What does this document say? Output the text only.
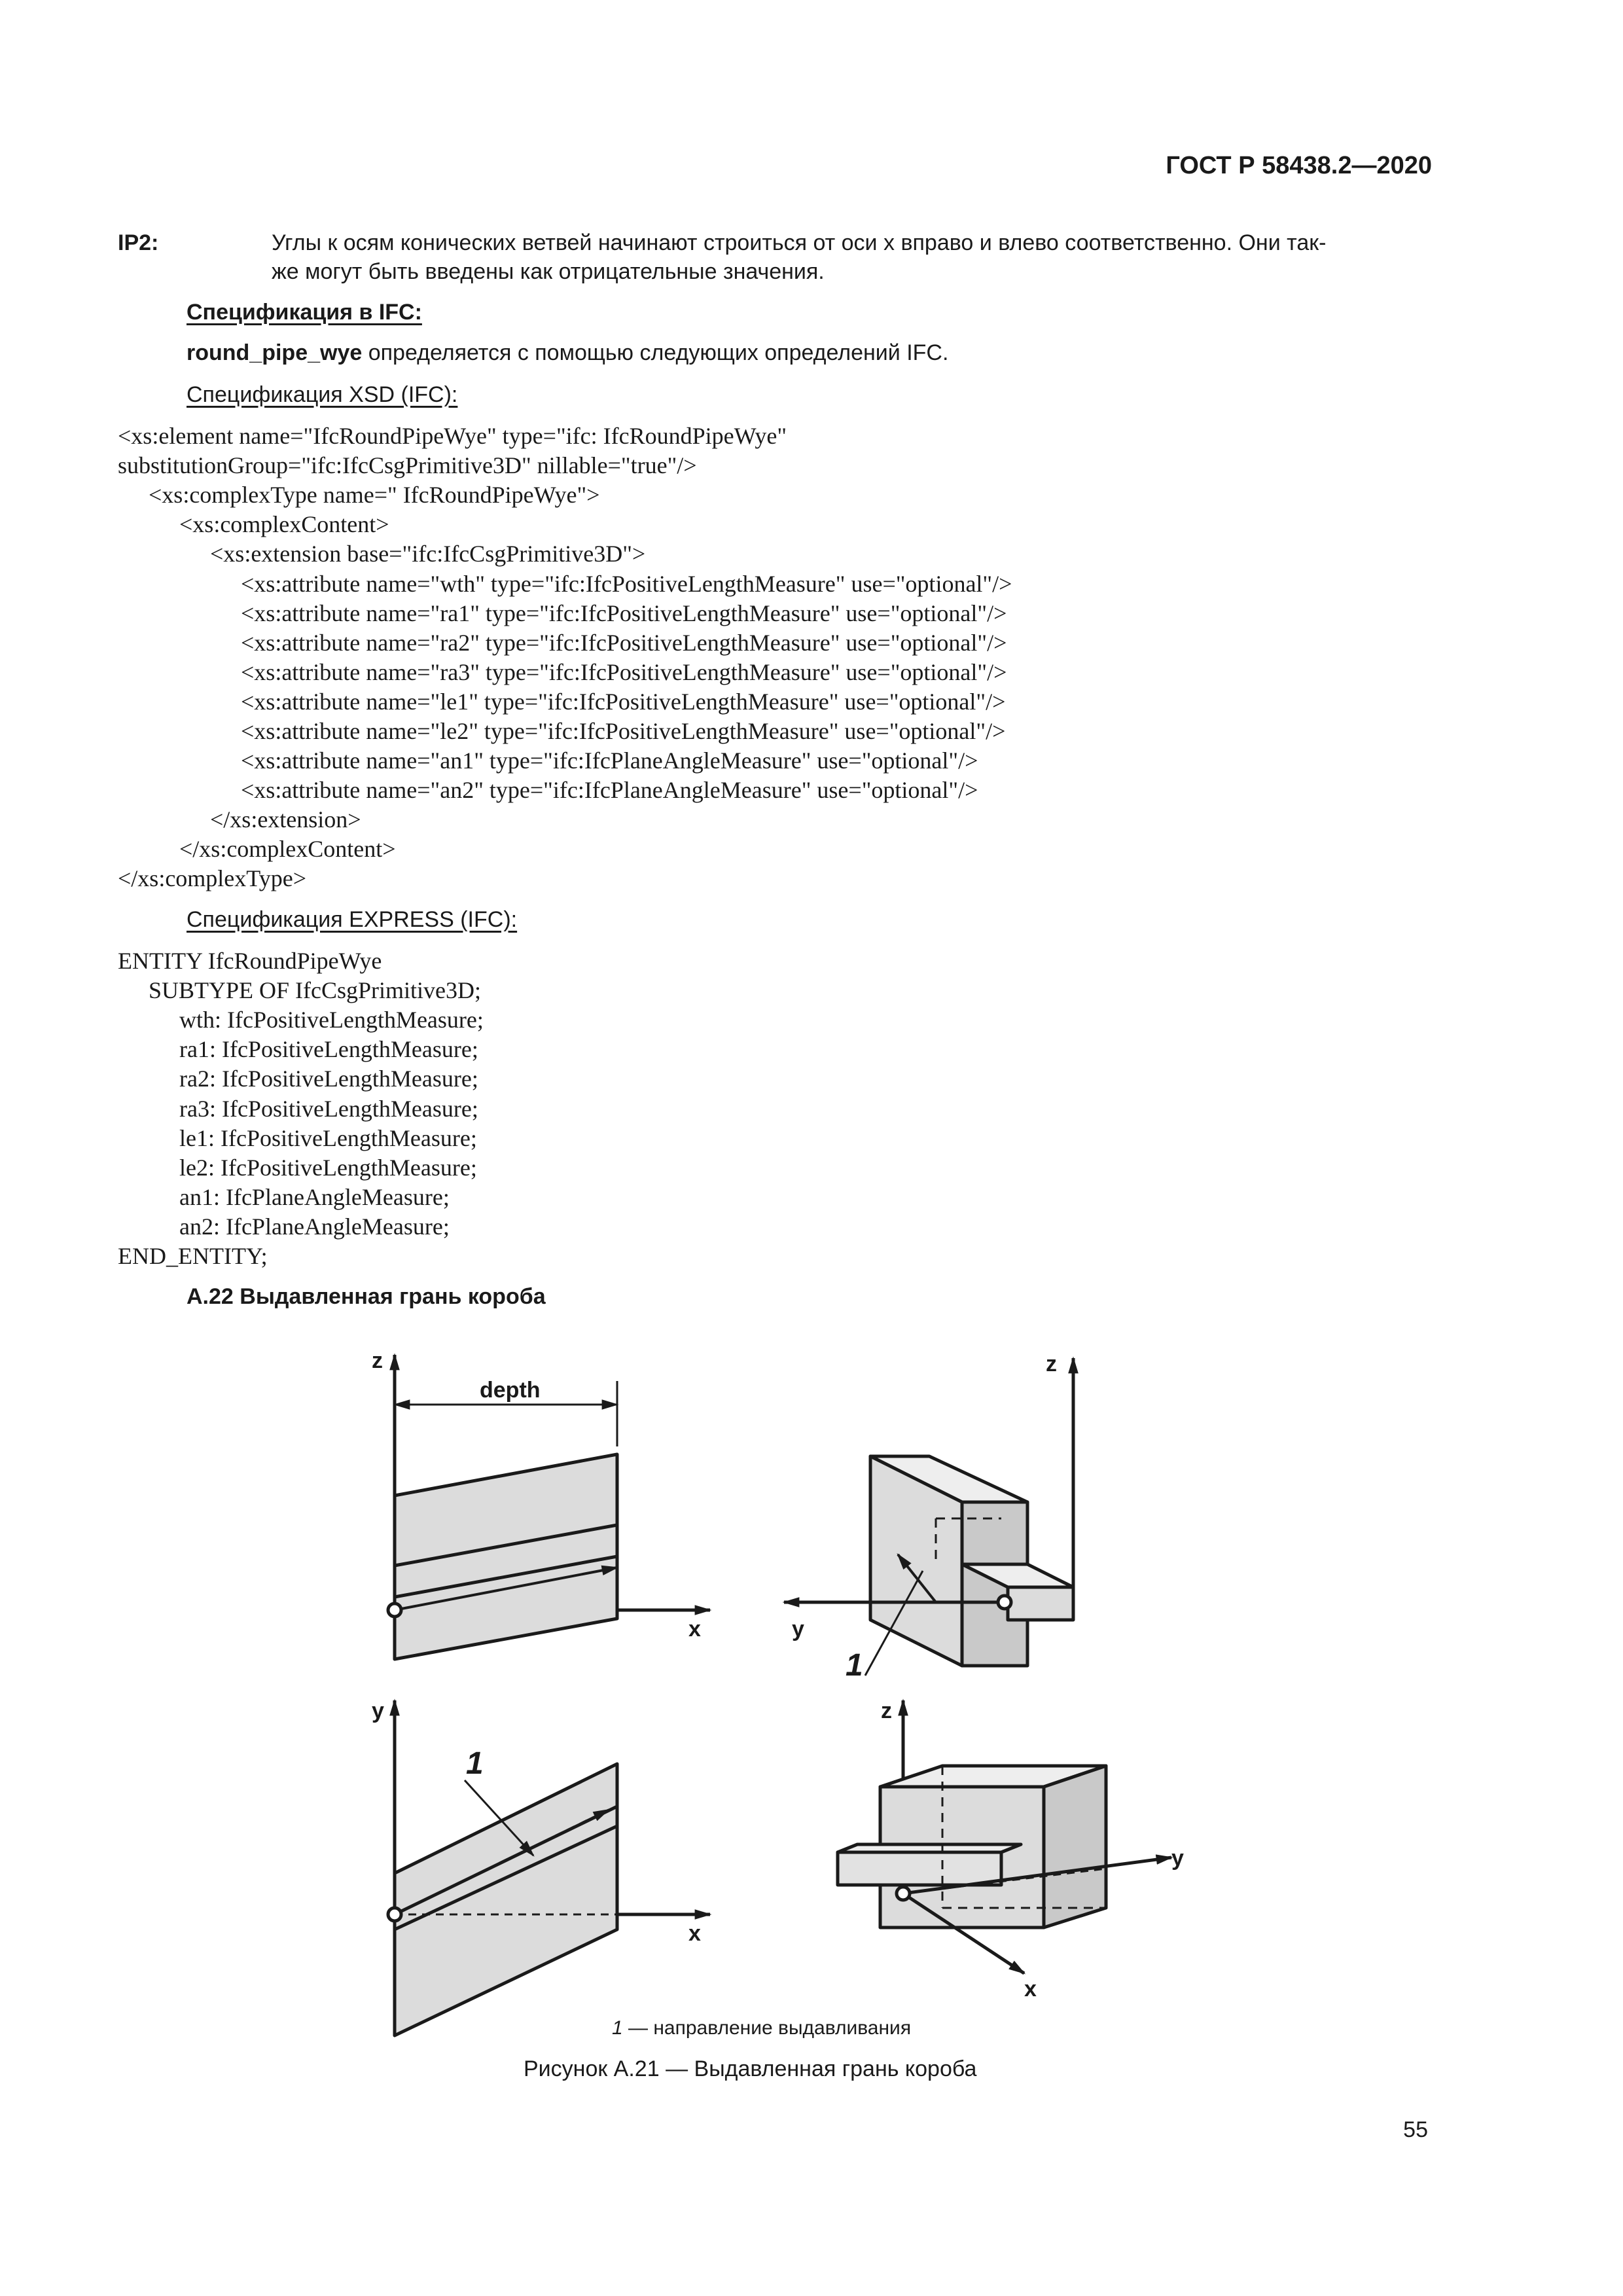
ГОСТ Р 58438.2—2020
IP2:	Углы к осям конических ветвей начинают строиться от оси x вправо и влево соответственно. Они так-
же могут быть введены как отрицательные значения.
Спецификация в IFC:
round_pipe_wye определяется с помощью следующих определений IFC.
Спецификация XSD (IFC):
<xs:element name="IfcRoundPipeWye" type="ifc: IfcRoundPipeWye"
substitutionGroup="ifc:IfcCsgPrimitive3D" nillable="true"/>
<xs:complexType name=" IfcRoundPipeWye">
<xs:complexContent>
<xs:extension base="ifc:IfcCsgPrimitive3D">
<xs:attribute name="wth" type="ifc:IfcPositiveLengthMeasure" use="optional"/>
<xs:attribute name="ra1" type="ifc:IfcPositiveLengthMeasure" use="optional"/>
<xs:attribute name="ra2" type="ifc:IfcPositiveLengthMeasure" use="optional"/>
<xs:attribute name="ra3" type="ifc:IfcPositiveLengthMeasure" use="optional"/>
<xs:attribute name="le1" type="ifc:IfcPositiveLengthMeasure" use="optional"/>
<xs:attribute name="le2" type="ifc:IfcPositiveLengthMeasure" use="optional"/>
<xs:attribute name="an1" type="ifc:IfcPlaneAngleMeasure" use="optional"/>
<xs:attribute name="an2" type="ifc:IfcPlaneAngleMeasure" use="optional"/>
</xs:extension>
</xs:complexContent>
</xs:complexType>
Спецификация EXPRESS (IFC):
ENTITY IfcRoundPipeWye
SUBTYPE OF IfcCsgPrimitive3D;
wth: IfcPositiveLengthMeasure;
ra1: IfcPositiveLengthMeasure;
ra2: IfcPositiveLengthMeasure;
ra3: IfcPositiveLengthMeasure;
le1: IfcPositiveLengthMeasure;
le2: IfcPositiveLengthMeasure;
an1: IfcPlaneAngleMeasure;
an2: IfcPlaneAngleMeasure;
END_ENTITY;
А.22 Выдавленная грань короба
z
depth
x
z
y
y
x
z
y
x
1
1
1 — направление выдавливания
Рисунок А.21 — Выдавленная грань короба
55
